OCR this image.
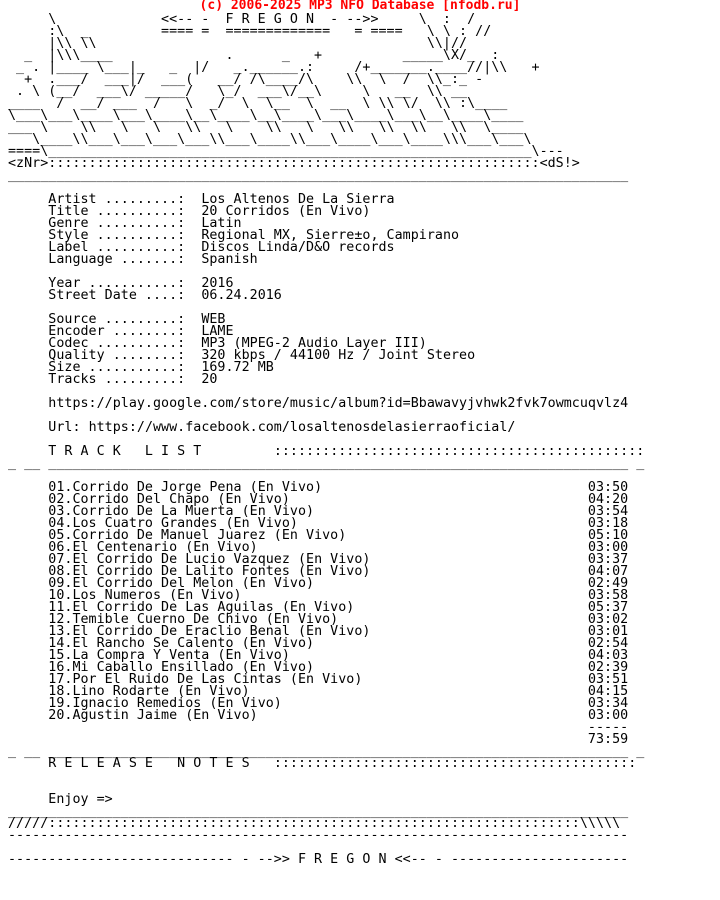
(c) 2006-2025 MP3 NFO Database [nfodb.ru]
\             <<-- -  F R E G O N  - -->>     \  :  /
:\  _         ==== =  =============   = ====   \ \ : //
|\\ \\                                         \\|//
_  |\\\____              .      _   +          _____\X/_  :
_ . |____ \___|_   _  |/   _.______.:     /+_______.____//|\\   +
+  .___/  ___|/  ___(   __/ /\____/\    \\  \  /  \\_:_ -
. \ (__/  ___\/ _____/   \_/  ___\/__\     \   __  \\ __
____  /  __/ ___  /   \  _/  \  \__  \  __  \ \\ \/  \\ :\____
\___\___\____\___\____\__\____\__\____\___\____\___\__\____\____
___ \    \\   \   \   \\   \    \\   \   \\   \\  \\   \\  \____
\____\\___\___\___\___\\___\____\\___\____\___\____\\\___\___\
====\____________________________________________________________\---
<zNr>:::::::::::::::::::::::::::::::::::::::::::::::::::::::::::::<dS!>
_____________________________________________________________________________

Artist .........: Los Altenos De La Sierra
Title ..........: 20 Corridos (En Vivo)
Genre ..........: Latin
Style ..........: Regional MX, Sierre±o, Campirano
Label ..........: Discos Linda/D&O records
Language .......: Spanish

Year ...........: 2016
Street Date ....: 06.24.2016

Source .........: WEB
Encoder ........: LAME
Codec ..........: MP3 (MPEG-2 Audio Layer III)
Quality ........: 320 kbps / 44100 Hz / Joint Stereo
Size ...........: 169.72 MB
Tracks .........: 20

https://play.google.com/store/music/album?id=Bbawavyjvhwk2fvk7owmcuqvlz4

Url: https://www.facebook.com/losaltenosdelasierraoficial/

T R A C K   L I S T	::::::::::::::::::::::::::::::::::::::::::::::
_ __ ________________________________________________________________________ _

01.Corrido De Jorge Pena (En Vivo)	03:50
02.Corrido Del Chapo (En Vivo)	04:20
03.Corrido De La Muerta (En Vivo)	03:54
04.Los Cuatro Grandes (En Vivo)	03:18
05.Corrido De Manuel Juarez (En Vivo)	05:10
06.El Centenario (En Vivo)	03:00
07.El Corrido De Lucio Vazquez (En Vivo)	03:37
08.El Corrido De Lalito Fontes (En Vivo)	04:07
09.El Corrido Del Melon (En Vivo)	02:49
10.Los Numeros (En Vivo)	03:58
11.El Corrido De Las Aguilas (En Vivo)	05:37
12.Temible Cuerno De Chivo (En Vivo)	03:02
13.El Corrido De Eraclio Benal (En Vivo)	03:01
14.El Rancho Se Calento (En Vivo)	02:54
15.La Compra Y Venta (En Vivo)	04:03
16.Mi Caballo Ensillado (En Vivo)	02:39
17.Por El Ruido De Las Cintas (En Vivo)	03:51
18.Lino Rodarte (En Vivo)	04:15
19.Ignacio Remedios (En Vivo)	03:34
20.Agustin Jaime (En Vivo)	03:00
-----
73:59
_ __ ________________________________________________________________________ _
R E L E A S E   N O T E S :::::::::::::::::::::::::::::::::::::::::::::

Enjoy =>
_____________________________________________________________________________
/////::::::::::::::::::::::::::::::::::::::::::::::::::::::::::::::::::\\\\\
-----------------------------------------------------------------------------

---------------------------- - -->> F R E G O N <<-- - ----------------------
